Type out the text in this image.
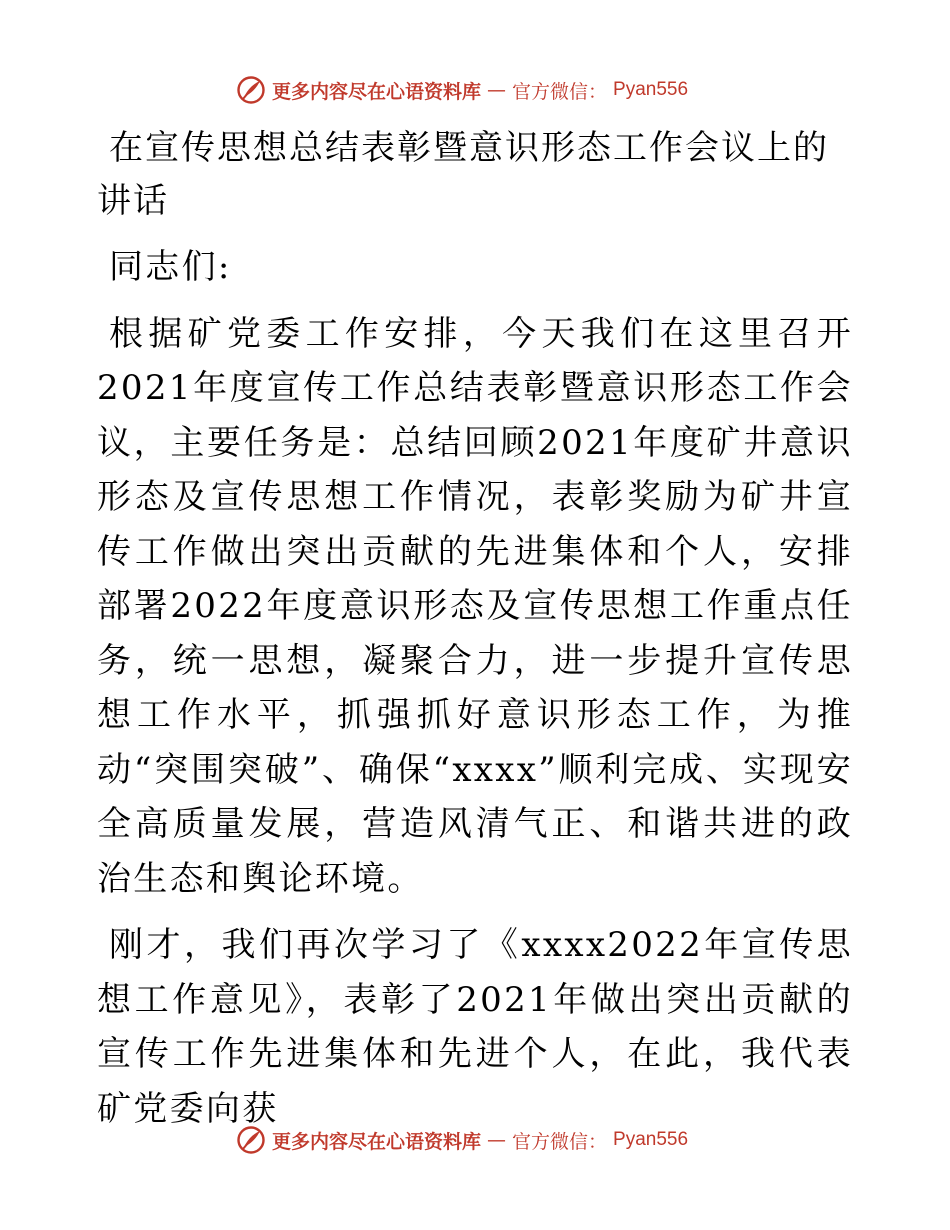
更多内容尽在心语资料库 — 官方微信： Pyan556
在宣传思想总结表彰暨意识形态工作会议上的讲话

同志们:

根据矿党委工作安排，今天我们在这里召开2021年度宣传工作总结表彰暨意识形态工作会议，主要任务是：总结回顾2021年度矿井意识形态及宣传思想工作情况，表彰奖励为矿井宣传工作做出突出贡献的先进集体和个人，安排部署2022年度意识形态及宣传思想工作重点任务，统一思想，凝聚合力，进一步提升宣传思想工作水平，抓强抓好意识形态工作，为推动“突围突破”、确保“xxxx”顺利完成、实现安全高质量发展，营造风清气正、和谐共进的政治生态和舆论环境。

刚才，我们再次学习了《xxxx2022年宣传思想工作意见》，表彰了2021年做出突出贡献的宣传工作先进集体和先进个人，在此，我代表矿党委向获

更多内容尽在心语资料库 — 官方微信： Pyan556
